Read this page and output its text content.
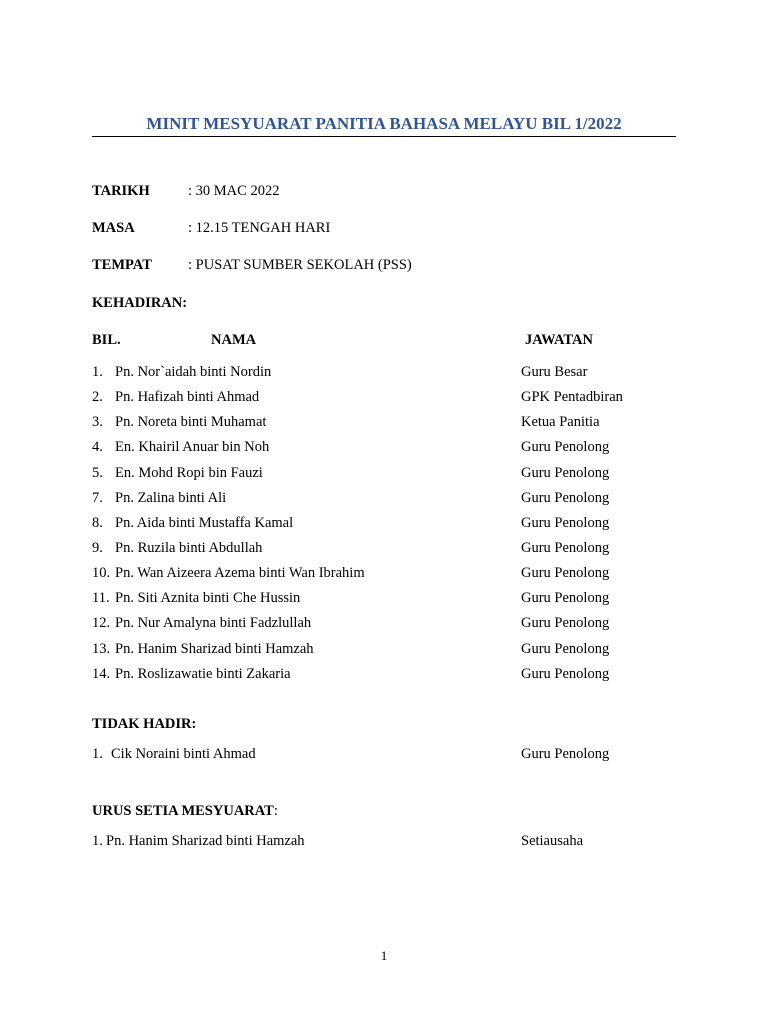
MINIT MESYUARAT PANITIA BAHASA MELAYU BIL 1/2022
TARIKH	: 30 MAC 2022
MASA	: 12.15 TENGAH HARI
TEMPAT : PUSAT SUMBER SEKOLAH (PSS)
KEHADIRAN:
BIL.	NAMA	JAWATAN
1. Pn. Nor`aidah binti Nordin	Guru Besar
2. Pn. Hafizah binti Ahmad	GPK Pentadbiran
3. Pn. Noreta binti Muhamat	Ketua Panitia
4. En. Khairil Anuar bin Noh	Guru Penolong
5. En. Mohd Ropi bin Fauzi	Guru Penolong
7. Pn. Zalina binti Ali	Guru Penolong
8. Pn. Aida binti Mustaffa Kamal	Guru Penolong
9. Pn. Ruzila binti Abdullah	Guru Penolong
10. Pn. Wan Aizeera Azema binti Wan Ibrahim	Guru Penolong
11. Pn. Siti Aznita binti Che Hussin	Guru Penolong
12. Pn. Nur Amalyna binti Fadzlullah	Guru Penolong
13. Pn. Hanim Sharizad binti Hamzah	Guru Penolong
14. Pn. Roslizawatie binti Zakaria	Guru Penolong
TIDAK HADIR:
1. Cik Noraini binti Ahmad	Guru Penolong
URUS SETIA MESYUARAT:
1. Pn. Hanim Sharizad binti Hamzah	Setiausaha
1
